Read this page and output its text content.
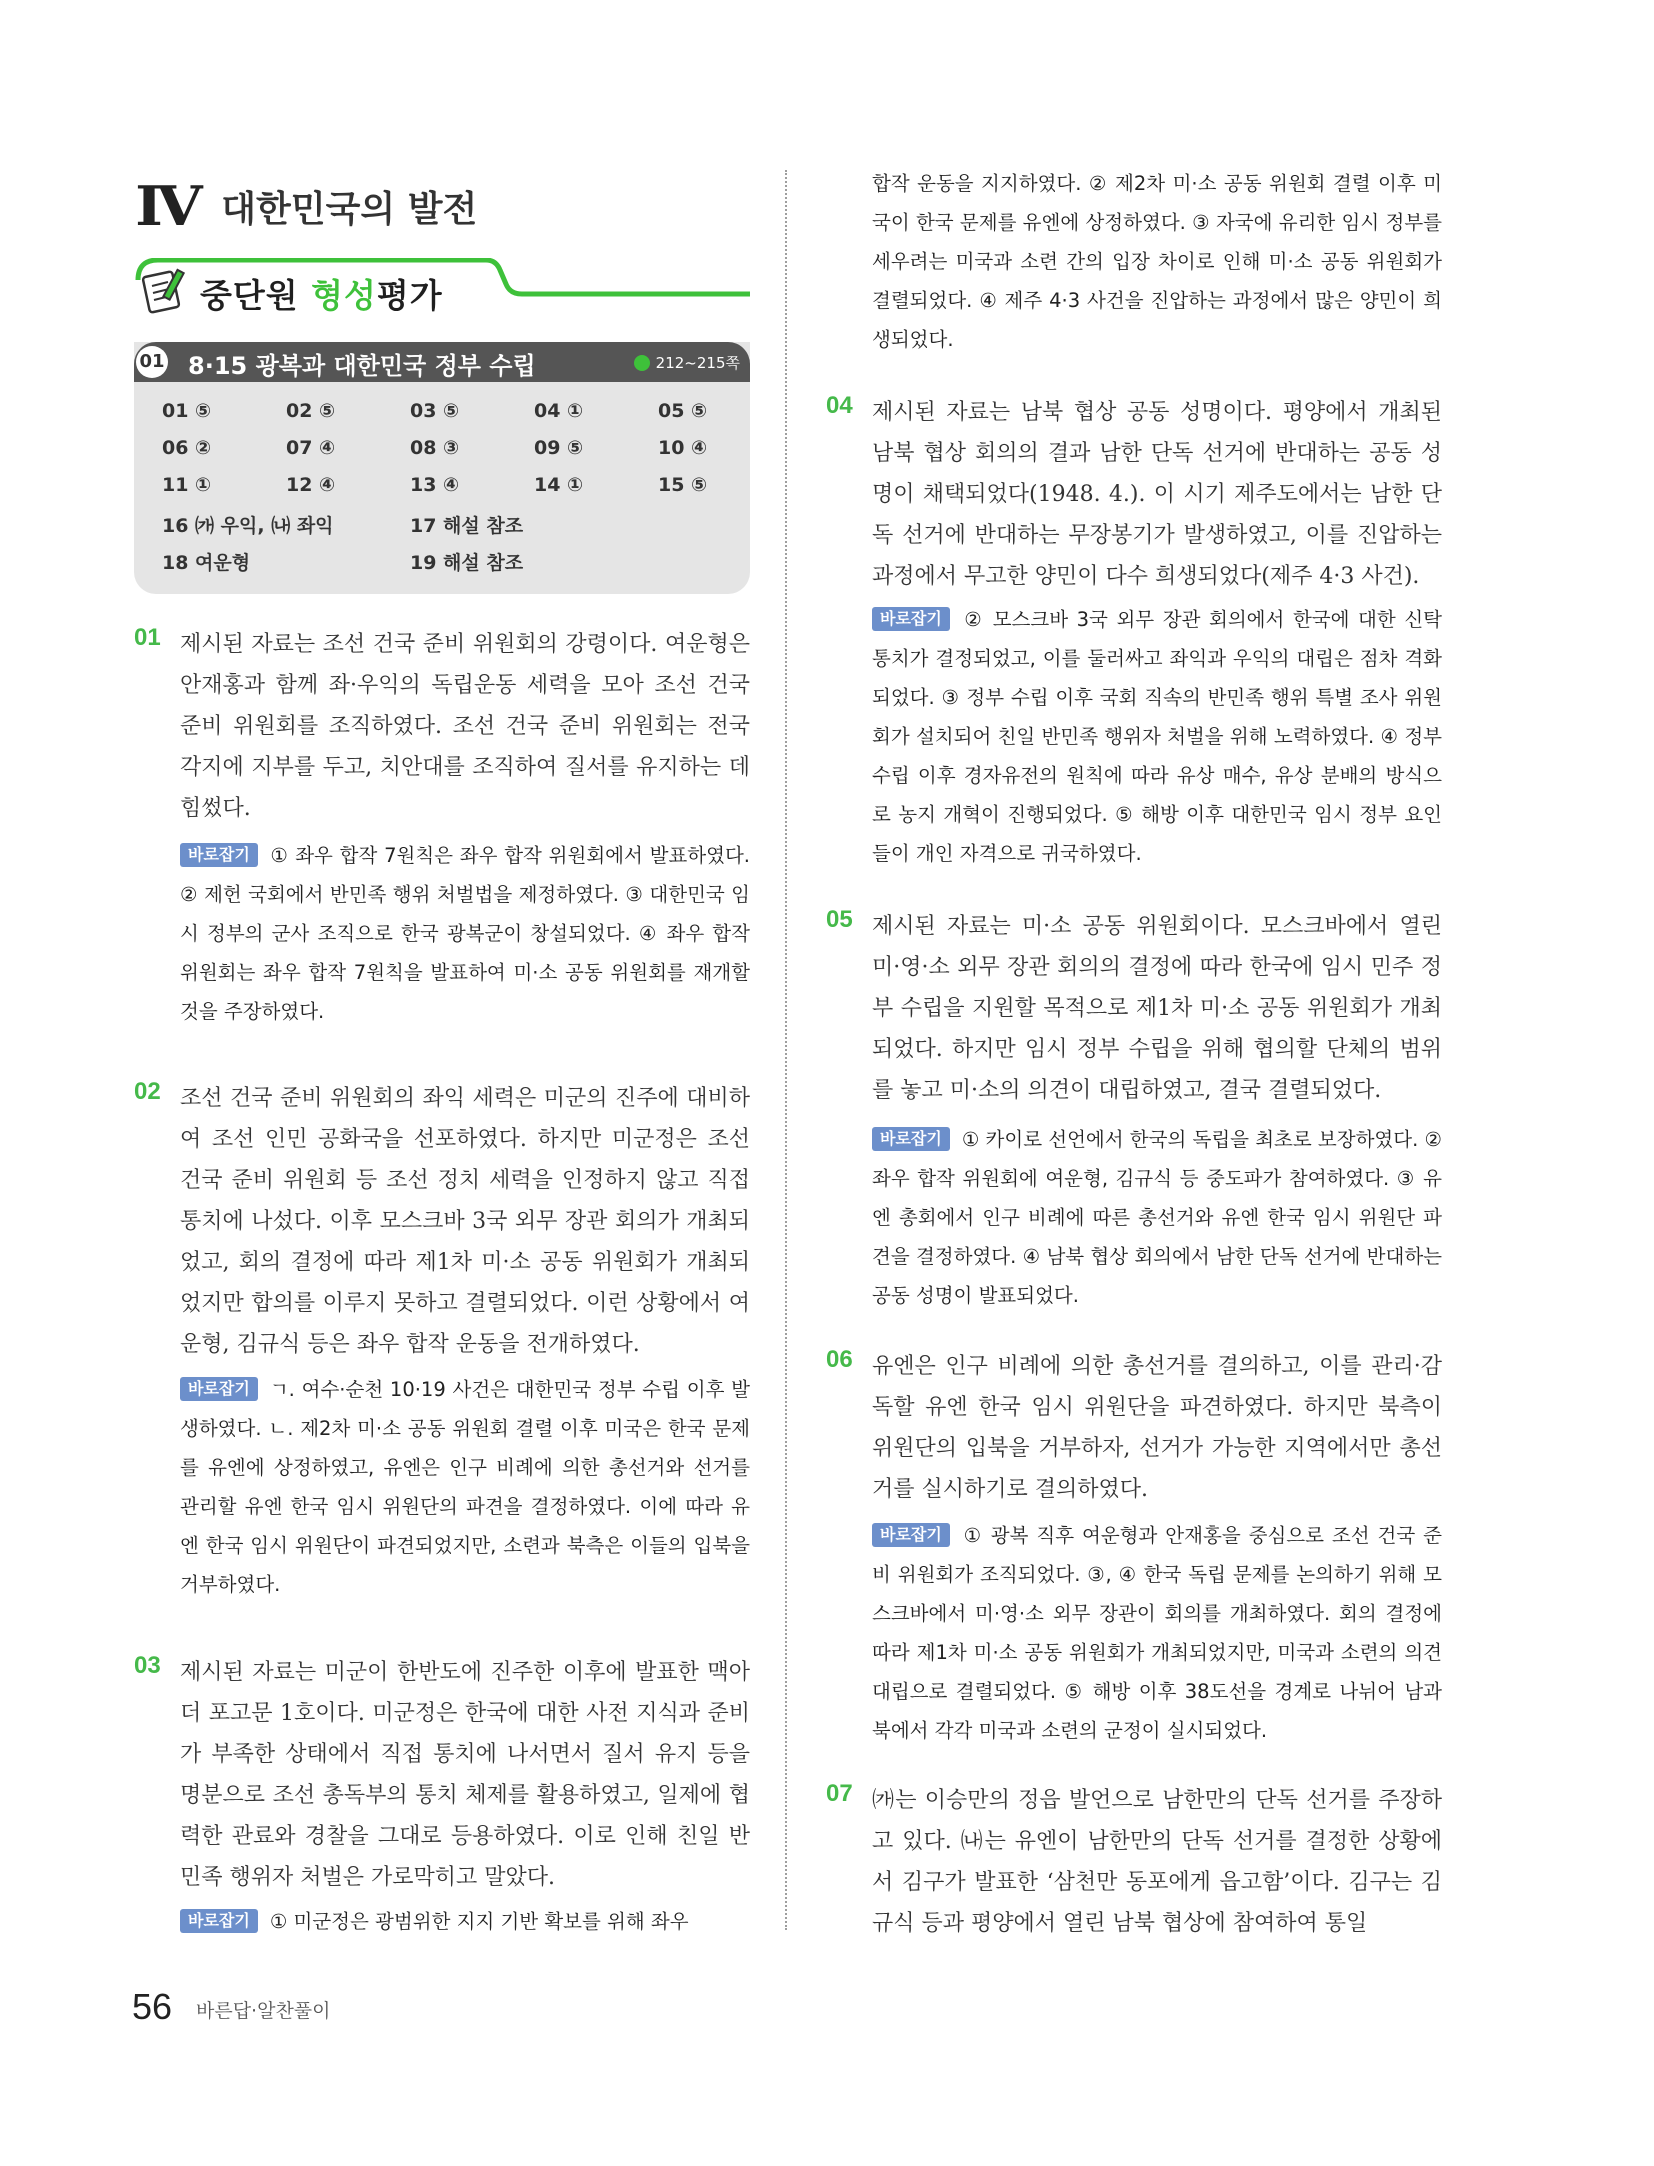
Ⅳ 대한민국의 발전
중단원 형성평가
01 8·15 광복과 대한민국 정부 수립	212~215쪽
01 ⑤	02 ⑤	03 ⑤	04 ①	05 ⑤
06 ②	07 ④	08 ③	09 ⑤	10 ④
11 ①	12 ④	13 ④	14 ①	15 ⑤
16 ㈎ 우익, ㈏ 좌익	17 해설 참조
18 여운형	19 해설 참조
01 제시된 자료는 조선 건국 준비 위원회의 강령이다. 여운형은 안재홍과 함께 좌·우익의 독립운동 세력을 모아 조선 건국 준비 위원회를 조직하였다. 조선 건국 준비 위원회는 전국 각지에 지부를 두고, 치안대를 조직하여 질서를 유지하는 데 힘썼다.
바로잡기 ① 좌우 합작 7원칙은 좌우 합작 위원회에서 발표하였다. ② 제헌 국회에서 반민족 행위 처벌법을 제정하였다. ③ 대한민국 임시 정부의 군사 조직으로 한국 광복군이 창설되었다. ④ 좌우 합작 위원회는 좌우 합작 7원칙을 발표하여 미·소 공동 위원회를 재개할 것을 주장하였다.
02 조선 건국 준비 위원회의 좌익 세력은 미군의 진주에 대비하여 조선 인민 공화국을 선포하였다. 하지만 미군정은 조선 건국 준비 위원회 등 조선 정치 세력을 인정하지 않고 직접 통치에 나섰다. 이후 모스크바 3국 외무 장관 회의가 개최되었고, 회의 결정에 따라 제1차 미·소 공동 위원회가 개최되었지만 합의를 이루지 못하고 결렬되었다. 이런 상황에서 여운형, 김규식 등은 좌우 합작 운동을 전개하였다.
바로잡기 ㄱ. 여수·순천 10·19 사건은 대한민국 정부 수립 이후 발생하였다. ㄴ. 제2차 미·소 공동 위원회 결렬 이후 미국은 한국 문제를 유엔에 상정하였고, 유엔은 인구 비례에 의한 총선거와 선거를 관리할 유엔 한국 임시 위원단의 파견을 결정하였다. 이에 따라 유엔 한국 임시 위원단이 파견되었지만, 소련과 북측은 이들의 입북을 거부하였다.
03 제시된 자료는 미군이 한반도에 진주한 이후에 발표한 맥아더 포고문 1호이다. 미군정은 한국에 대한 사전 지식과 준비가 부족한 상태에서 직접 통치에 나서면서 질서 유지 등을 명분으로 조선 총독부의 통치 체제를 활용하였고, 일제에 협력한 관료와 경찰을 그대로 등용하였다. 이로 인해 친일 반민족 행위자 처벌은 가로막히고 말았다.
바로잡기 ① 미군정은 광범위한 지지 기반 확보를 위해 좌우
합작 운동을 지지하였다. ② 제2차 미·소 공동 위원회 결렬 이후 미국이 한국 문제를 유엔에 상정하였다. ③ 자국에 유리한 임시 정부를 세우려는 미국과 소련 간의 입장 차이로 인해 미·소 공동 위원회가 결렬되었다. ④ 제주 4·3 사건을 진압하는 과정에서 많은 양민이 희생되었다.
04 제시된 자료는 남북 협상 공동 성명이다. 평양에서 개최된 남북 협상 회의의 결과 남한 단독 선거에 반대하는 공동 성명이 채택되었다(1948. 4.). 이 시기 제주도에서는 남한 단독 선거에 반대하는 무장봉기가 발생하였고, 이를 진압하는 과정에서 무고한 양민이 다수 희생되었다(제주 4·3 사건).
바로잡기 ② 모스크바 3국 외무 장관 회의에서 한국에 대한 신탁 통치가 결정되었고, 이를 둘러싸고 좌익과 우익의 대립은 점차 격화되었다. ③ 정부 수립 이후 국회 직속의 반민족 행위 특별 조사 위원회가 설치되어 친일 반민족 행위자 처벌을 위해 노력하였다. ④ 정부 수립 이후 경자유전의 원칙에 따라 유상 매수, 유상 분배의 방식으로 농지 개혁이 진행되었다. ⑤ 해방 이후 대한민국 임시 정부 요인들이 개인 자격으로 귀국하였다.
05 제시된 자료는 미·소 공동 위원회이다. 모스크바에서 열린 미·영·소 외무 장관 회의의 결정에 따라 한국에 임시 민주 정부 수립을 지원할 목적으로 제1차 미·소 공동 위원회가 개최되었다. 하지만 임시 정부 수립을 위해 협의할 단체의 범위를 놓고 미·소의 의견이 대립하였고, 결국 결렬되었다.
바로잡기 ① 카이로 선언에서 한국의 독립을 최초로 보장하였다. ② 좌우 합작 위원회에 여운형, 김규식 등 중도파가 참여하였다. ③ 유엔 총회에서 인구 비례에 따른 총선거와 유엔 한국 임시 위원단 파견을 결정하였다. ④ 남북 협상 회의에서 남한 단독 선거에 반대하는 공동 성명이 발표되었다.
06 유엔은 인구 비례에 의한 총선거를 결의하고, 이를 관리·감독할 유엔 한국 임시 위원단을 파견하였다. 하지만 북측이 위원단의 입북을 거부하자, 선거가 가능한 지역에서만 총선거를 실시하기로 결의하였다.
바로잡기 ① 광복 직후 여운형과 안재홍을 중심으로 조선 건국 준비 위원회가 조직되었다. ③, ④ 한국 독립 문제를 논의하기 위해 모스크바에서 미·영·소 외무 장관이 회의를 개최하였다. 회의 결정에 따라 제1차 미·소 공동 위원회가 개최되었지만, 미국과 소련의 의견 대립으로 결렬되었다. ⑤ 해방 이후 38도선을 경계로 나뉘어 남과 북에서 각각 미국과 소련의 군정이 실시되었다.
07 ㈎는 이승만의 정읍 발언으로 남한만의 단독 선거를 주장하고 있다. ㈏는 유엔이 남한만의 단독 선거를 결정한 상황에서 김구가 발표한 ‘삼천만 동포에게 읍고함’이다. 김구는 김규식 등과 평양에서 열린 남북 협상에 참여하여 통일
56 바른답·알찬풀이
